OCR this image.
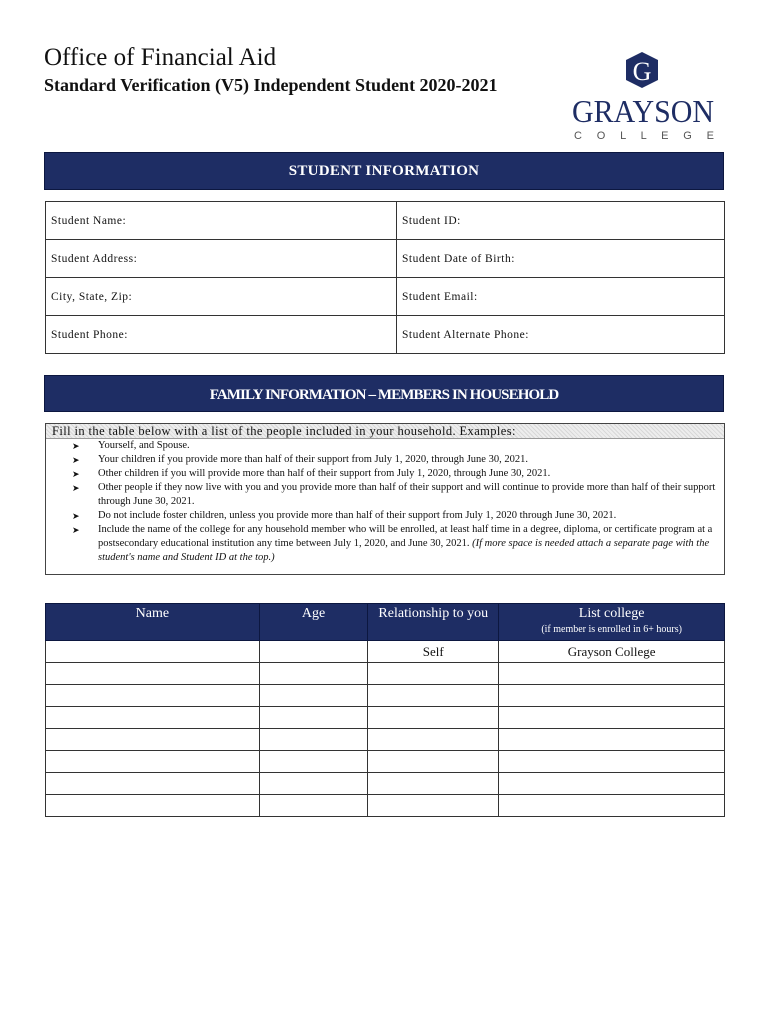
Office of Financial Aid
Standard Verification (V5) Independent Student 2020-2021	G
GRAYSON
C O L L E G E
STUDENT INFORMATION
Student Name:	Student ID:
Student Address:	Student Date of Birth:
City, State, Zip:	Student Email:
Student Phone:	Student Alternate Phone:
FAMILY INFORMATION – MEMBERS IN HOUSEHOLD
Fill in the table below with a list of the people included in your household. Examples:
➤ Yourself, and Spouse.
➤ Your children if you provide more than half of their support from July 1, 2020, through June 30, 2021.
➤ Other children if you will provide more than half of their support from July 1, 2020, through June 30, 2021.
➤ Other people if they now live with you and you provide more than half of their support and will continue to provide more than half of their support through June 30, 2021.
➤ Do not include foster children, unless you provide more than half of their support from July 1, 2020 through June 30, 2021.
➤ Include the name of the college for any household member who will be enrolled, at least half time in a degree, diploma, or certificate program at a postsecondary educational institution any time between July 1, 2020, and June 30, 2021. (If more space is needed attach a separate page with the student's name and Student ID at the top.)
Name	Age	Relationship to you	List college
(if member is enrolled in 6+ hours)

		Self	Grayson College
